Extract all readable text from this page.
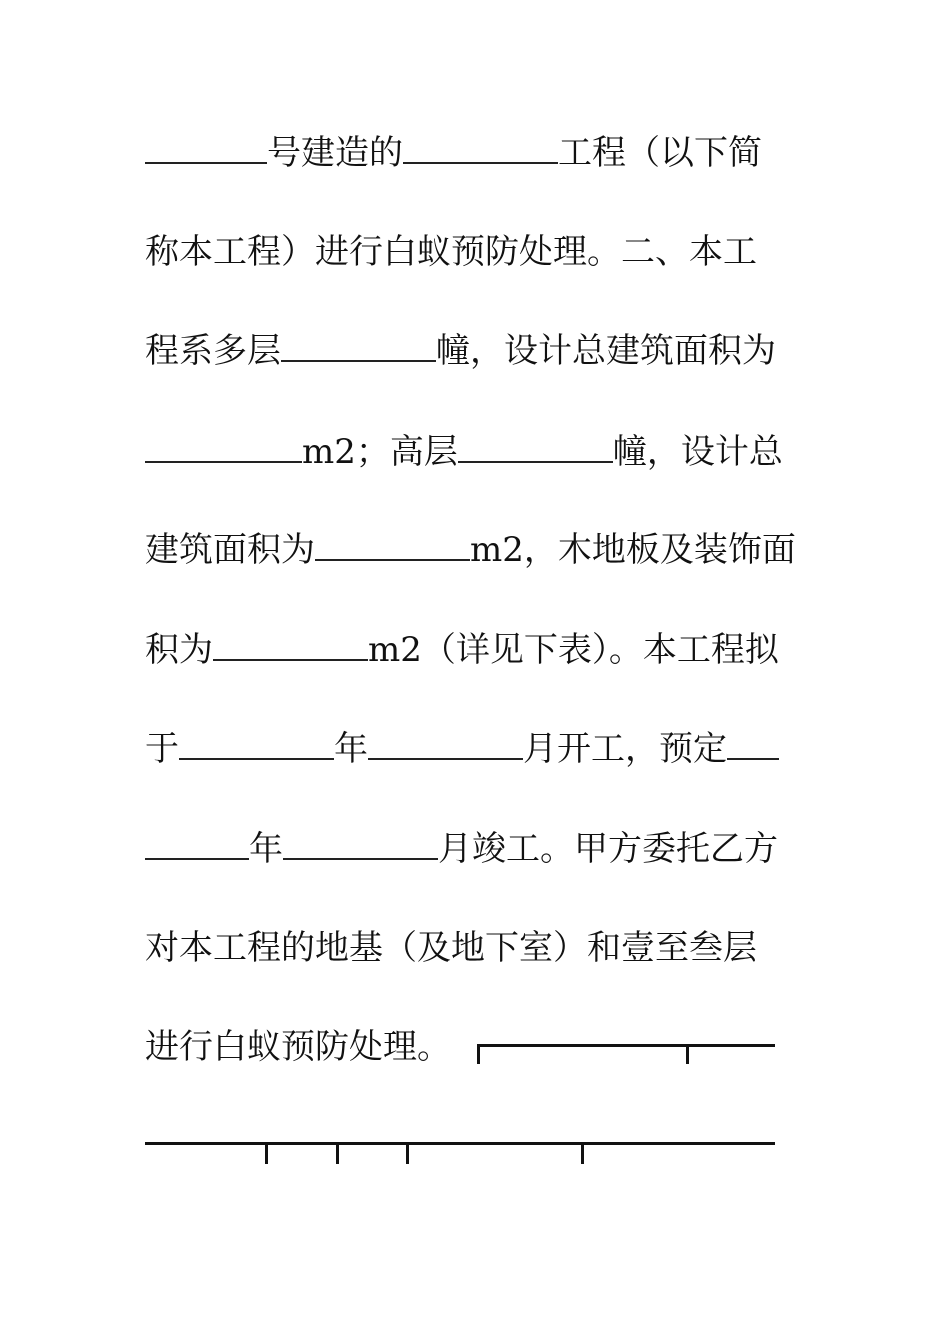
号建造的	工程（以下简
称本工程）进行白蚁预防处理。二、本工
程系多层	幢，设计总建筑面积为
m2；高层	幢，设计总
建筑面积为	m2，木地板及装饰面
积为	m2（详见下表）。本工程拟
于	年	月开工，预定
年	月竣工。甲方委托乙方
对本工程的地基（及地下室）和壹至叁层
进行白蚁预防处理。
